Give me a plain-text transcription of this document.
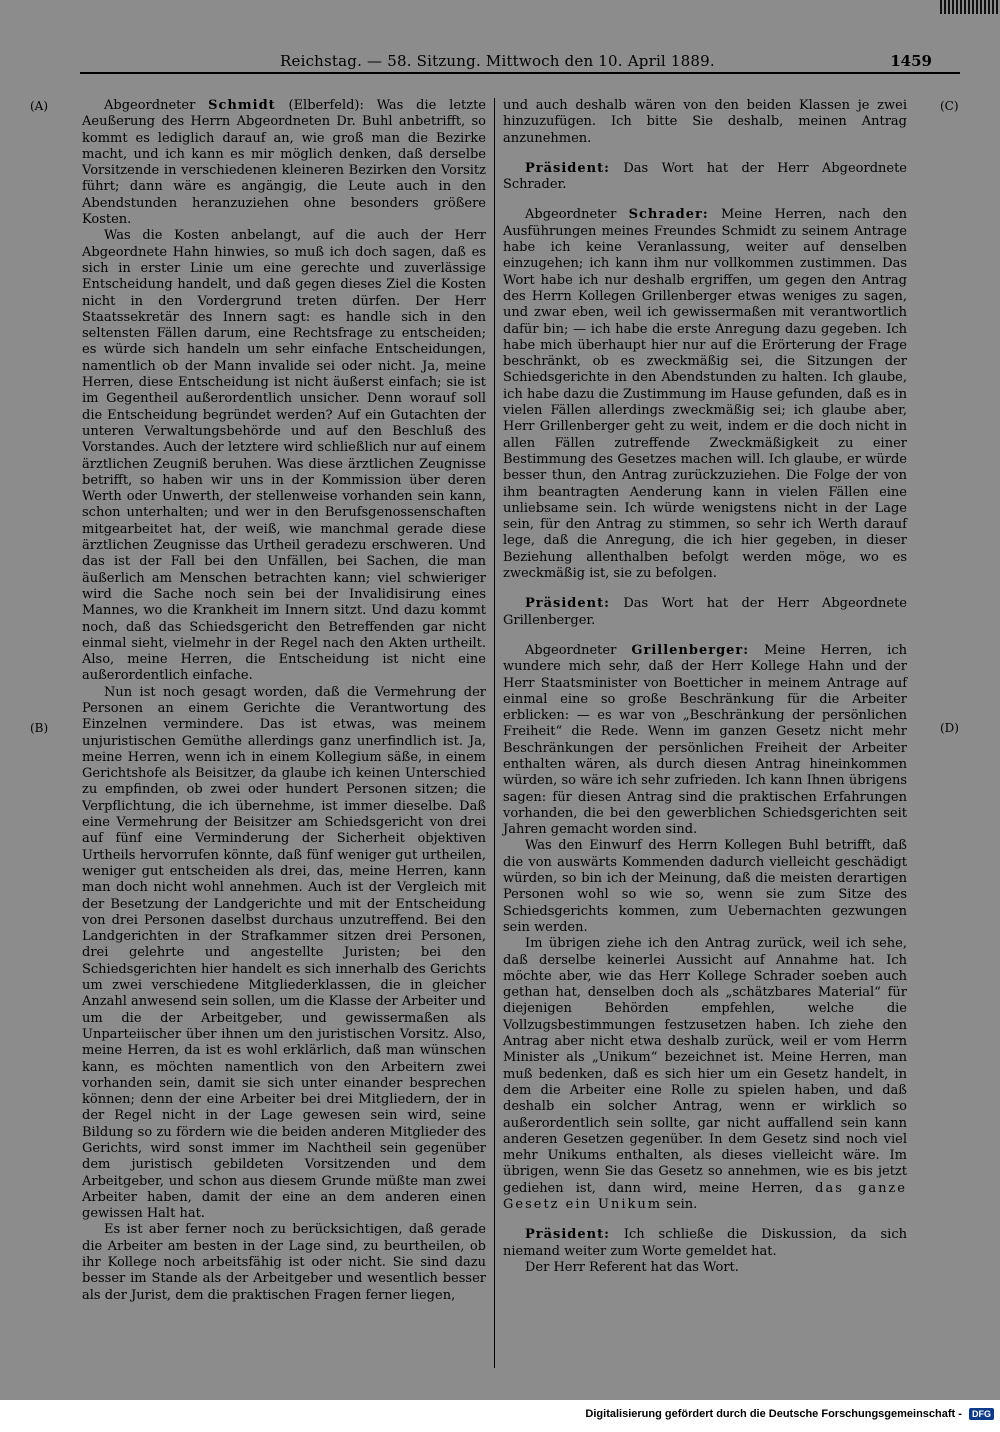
Reichstag. — 58. Sitzung. Mittwoch den 10. April 1889.	1459
(A)
(B)
(C)
(D)

Abgeordneter Schmidt (Elberfeld): Was die letzte Aeußerung des Herrn Abgeordneten Dr. Buhl anbetrifft, so kommt es lediglich darauf an, wie groß man die Bezirke macht, und ich kann es mir möglich denken, daß derselbe Vorsitzende in verschiedenen kleineren Bezirken den Vorsitz führt; dann wäre es angängig, die Leute auch in den Abendstunden heranzuziehen ohne besonders größere Kosten.

Was die Kosten anbelangt, auf die auch der Herr Abgeordnete Hahn hinwies, so muß ich doch sagen, daß es sich in erster Linie um eine gerechte und zuverlässige Entscheidung handelt, und daß gegen dieses Ziel die Kosten nicht in den Vordergrund treten dürfen. Der Herr Staatssekretär des Innern sagt: es handle sich in den seltensten Fällen darum, eine Rechtsfrage zu entscheiden; es würde sich handeln um sehr einfache Entscheidungen, namentlich ob der Mann invalide sei oder nicht. Ja, meine Herren, diese Entscheidung ist nicht äußerst einfach; sie ist im Gegentheil außerordentlich unsicher. Denn worauf soll die Entscheidung begründet werden? Auf ein Gutachten der unteren Verwaltungsbehörde und auf den Beschluß des Vorstandes. Auch der letztere wird schließlich nur auf einem ärztlichen Zeugniß beruhen. Was diese ärztlichen Zeugnisse betrifft, so haben wir uns in der Kommission über deren Werth oder Unwerth, der stellenweise vorhanden sein kann, schon unterhalten; und wer in den Berufsgenossenschaften mitgearbeitet hat, der weiß, wie manchmal gerade diese ärztlichen Zeugnisse das Urtheil geradezu erschweren. Und das ist der Fall bei den Unfällen, bei Sachen, die man äußerlich am Menschen betrachten kann; viel schwieriger wird die Sache noch sein bei der Invalidisirung eines Mannes, wo die Krankheit im Innern sitzt. Und dazu kommt noch, daß das Schiedsgericht den Betreffenden gar nicht einmal sieht, vielmehr in der Regel nach den Akten urtheilt. Also, meine Herren, die Entscheidung ist nicht eine außerordentlich einfache.

Nun ist noch gesagt worden, daß die Vermehrung der Personen an einem Gerichte die Verantwortung des Einzelnen vermindere. Das ist etwas, was meinem unjuristischen Gemüthe allerdings ganz unerfindlich ist. Ja, meine Herren, wenn ich in einem Kollegium säße, in einem Gerichtshofe als Beisitzer, da glaube ich keinen Unterschied zu empfinden, ob zwei oder hundert Personen sitzen; die Verpflichtung, die ich übernehme, ist immer dieselbe. Daß eine Vermehrung der Beisitzer am Schiedsgericht von drei auf fünf eine Verminderung der Sicherheit objektiven Urtheils hervorrufen könnte, daß fünf weniger gut urtheilen, weniger gut entscheiden als drei, das, meine Herren, kann man doch nicht wohl annehmen. Auch ist der Vergleich mit der Besetzung der Landgerichte und mit der Entscheidung von drei Personen daselbst durchaus unzutreffend. Bei den Landgerichten in der Strafkammer sitzen drei Personen, drei gelehrte und angestellte Juristen; bei den Schiedsgerichten hier handelt es sich innerhalb des Gerichts um zwei verschiedene Mitgliederklassen, die in gleicher Anzahl anwesend sein sollen, um die Klasse der Arbeiter und um die der Arbeitgeber, und gewissermaßen als Unparteiischer über ihnen um den juristischen Vorsitz. Also, meine Herren, da ist es wohl erklärlich, daß man wünschen kann, es möchten namentlich von den Arbeitern zwei vorhanden sein, damit sie sich unter einander besprechen können; denn der eine Arbeiter bei drei Mitgliedern, der in der Regel nicht in der Lage gewesen sein wird, seine Bildung so zu fördern wie die beiden anderen Mitglieder des Gerichts, wird sonst immer im Nachtheil sein gegenüber dem juristisch gebildeten Vorsitzenden und dem Arbeitgeber, und schon aus diesem Grunde müßte man zwei Arbeiter haben, damit der eine an dem anderen einen gewissen Halt hat.

Es ist aber ferner noch zu berücksichtigen, daß gerade die Arbeiter am besten in der Lage sind, zu beurtheilen, ob ihr Kollege noch arbeitsfähig ist oder nicht. Sie sind dazu besser im Stande als der Arbeitgeber und wesentlich besser als der Jurist, dem die praktischen Fragen ferner liegen,

und auch deshalb wären von den beiden Klassen je zwei hinzuzufügen. Ich bitte Sie deshalb, meinen Antrag anzunehmen.

Präsident: Das Wort hat der Herr Abgeordnete Schrader.

Abgeordneter Schrader: Meine Herren, nach den Ausführungen meines Freundes Schmidt zu seinem Antrage habe ich keine Veranlassung, weiter auf denselben einzugehen; ich kann ihm nur vollkommen zustimmen. Das Wort habe ich nur deshalb ergriffen, um gegen den Antrag des Herrn Kollegen Grillenberger etwas weniges zu sagen, und zwar eben, weil ich gewissermaßen mit verantwortlich dafür bin; — ich habe die erste Anregung dazu gegeben. Ich habe mich überhaupt hier nur auf die Erörterung der Frage beschränkt, ob es zweckmäßig sei, die Sitzungen der Schiedsgerichte in den Abendstunden zu halten. Ich glaube, ich habe dazu die Zustimmung im Hause gefunden, daß es in vielen Fällen allerdings zweckmäßig sei; ich glaube aber, Herr Grillenberger geht zu weit, indem er die doch nicht in allen Fällen zutreffende Zweckmäßigkeit zu einer Bestimmung des Gesetzes machen will. Ich glaube, er würde besser thun, den Antrag zurückzuziehen. Die Folge der von ihm beantragten Aenderung kann in vielen Fällen eine unliebsame sein. Ich würde wenigstens nicht in der Lage sein, für den Antrag zu stimmen, so sehr ich Werth darauf lege, daß die Anregung, die ich hier gegeben, in dieser Beziehung allenthalben befolgt werden möge, wo es zweckmäßig ist, sie zu befolgen.

Präsident: Das Wort hat der Herr Abgeordnete Grillenberger.

Abgeordneter Grillenberger: Meine Herren, ich wundere mich sehr, daß der Herr Kollege Hahn und der Herr Staatsminister von Boetticher in meinem Antrage auf einmal eine so große Beschränkung für die Arbeiter erblicken: — es war von „Beschränkung der persönlichen Freiheit“ die Rede. Wenn im ganzen Gesetz nicht mehr Beschränkungen der persönlichen Freiheit der Arbeiter enthalten wären, als durch diesen Antrag hineinkommen würden, so wäre ich sehr zufrieden. Ich kann Ihnen übrigens sagen: für diesen Antrag sind die praktischen Erfahrungen vorhanden, die bei den gewerblichen Schiedsgerichten seit Jahren gemacht worden sind.

Was den Einwurf des Herrn Kollegen Buhl betrifft, daß die von auswärts Kommenden dadurch vielleicht geschädigt würden, so bin ich der Meinung, daß die meisten derartigen Personen wohl so wie so, wenn sie zum Sitze des Schiedsgerichts kommen, zum Uebernachten gezwungen sein werden.

Im übrigen ziehe ich den Antrag zurück, weil ich sehe, daß derselbe keinerlei Aussicht auf Annahme hat. Ich möchte aber, wie das Herr Kollege Schrader soeben auch gethan hat, denselben doch als „schätzbares Material“ für diejenigen Behörden empfehlen, welche die Vollzugsbestimmungen festzusetzen haben. Ich ziehe den Antrag aber nicht etwa deshalb zurück, weil er vom Herrn Minister als „Unikum“ bezeichnet ist. Meine Herren, man muß bedenken, daß es sich hier um ein Gesetz handelt, in dem die Arbeiter eine Rolle zu spielen haben, und daß deshalb ein solcher Antrag, wenn er wirklich so außerordentlich sein sollte, gar nicht auffallend sein kann anderen Gesetzen gegenüber. In dem Gesetz sind noch viel mehr Unikums enthalten, als dieses vielleicht wäre. Im übrigen, wenn Sie das Gesetz so annehmen, wie es bis jetzt gediehen ist, dann wird, meine Herren, das ganze Gesetz ein Unikum sein.

Präsident: Ich schließe die Diskussion, da sich niemand weiter zum Worte gemeldet hat.

Der Herr Referent hat das Wort.

Digitalisierung gefördert durch die Deutsche Forschungsgemeinschaft - DFG
